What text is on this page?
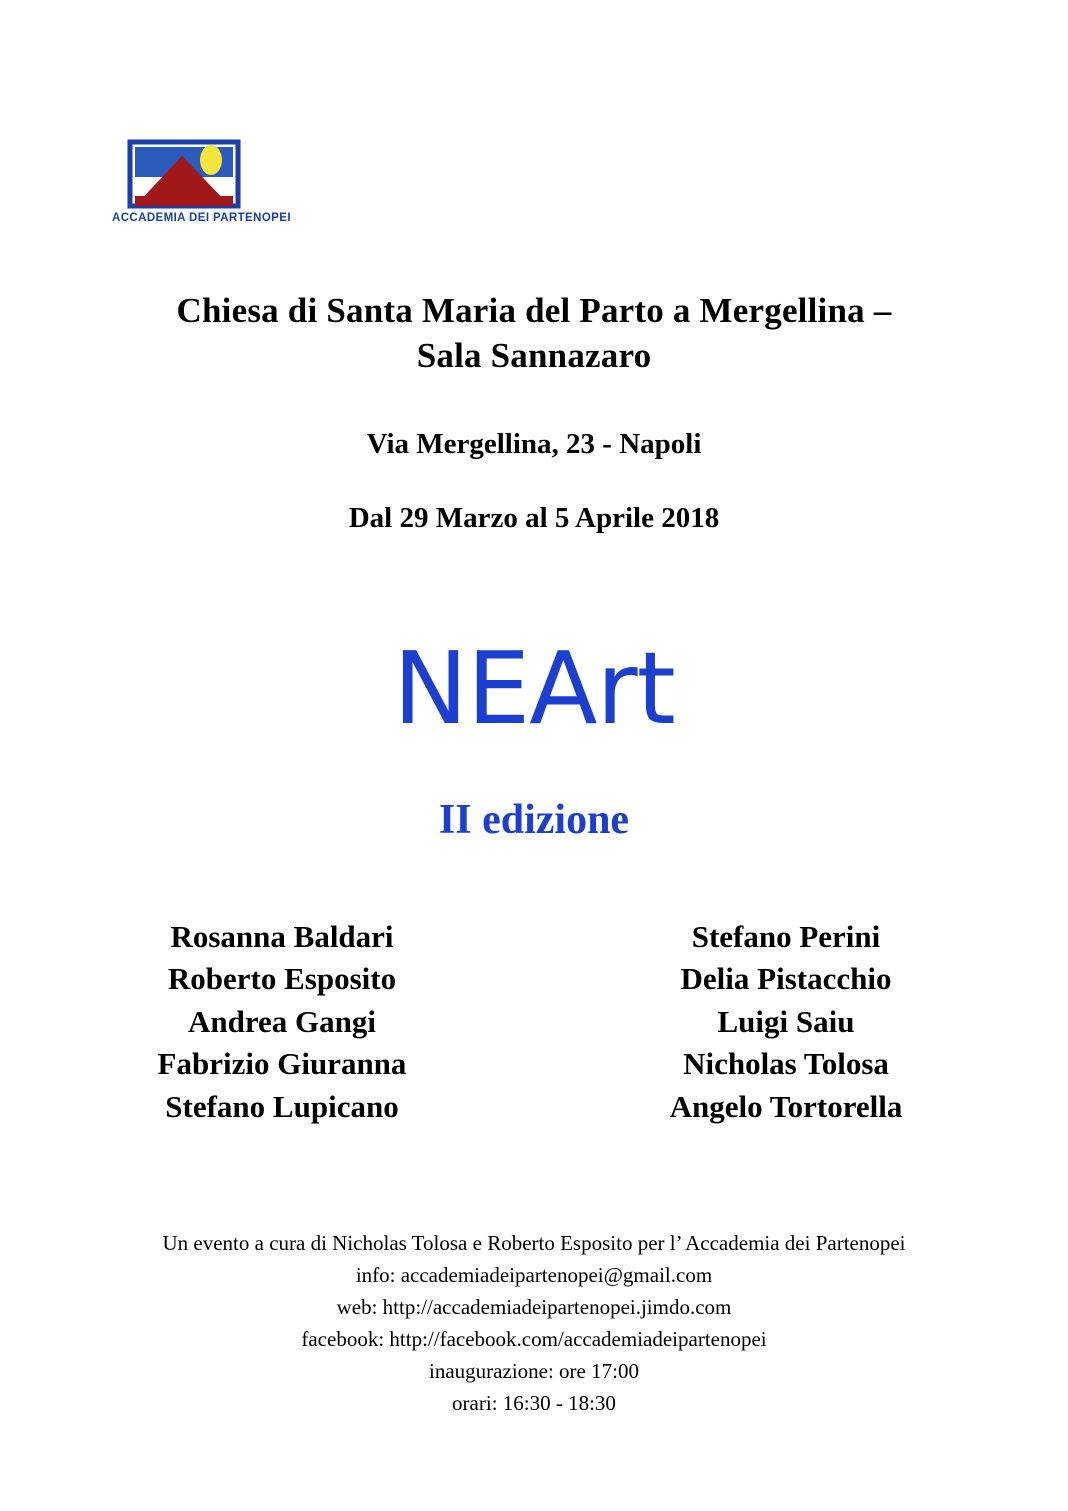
ACCADEMIA DEI PARTENOPEI
Chiesa di Santa Maria del Parto a Mergellina –
Sala Sannazaro
Via Mergellina, 23 - Napoli
Dal 29 Marzo al 5 Aprile 2018
NEArt
II edizione
Rosanna Baldari
Roberto Esposito
Andrea Gangi
Fabrizio Giuranna
Stefano Lupicano
Stefano Perini
Delia Pistacchio
Luigi Saiu
Nicholas Tolosa
Angelo Tortorella
Un evento a cura di Nicholas Tolosa e Roberto Esposito per l’ Accademia dei Partenopei
info: accademiadeipartenopei@gmail.com
web: http://accademiadeipartenopei.jimdo.com
facebook: http://facebook.com/accademiadeipartenopei
inaugurazione: ore 17:00
orari: 16:30 - 18:30
